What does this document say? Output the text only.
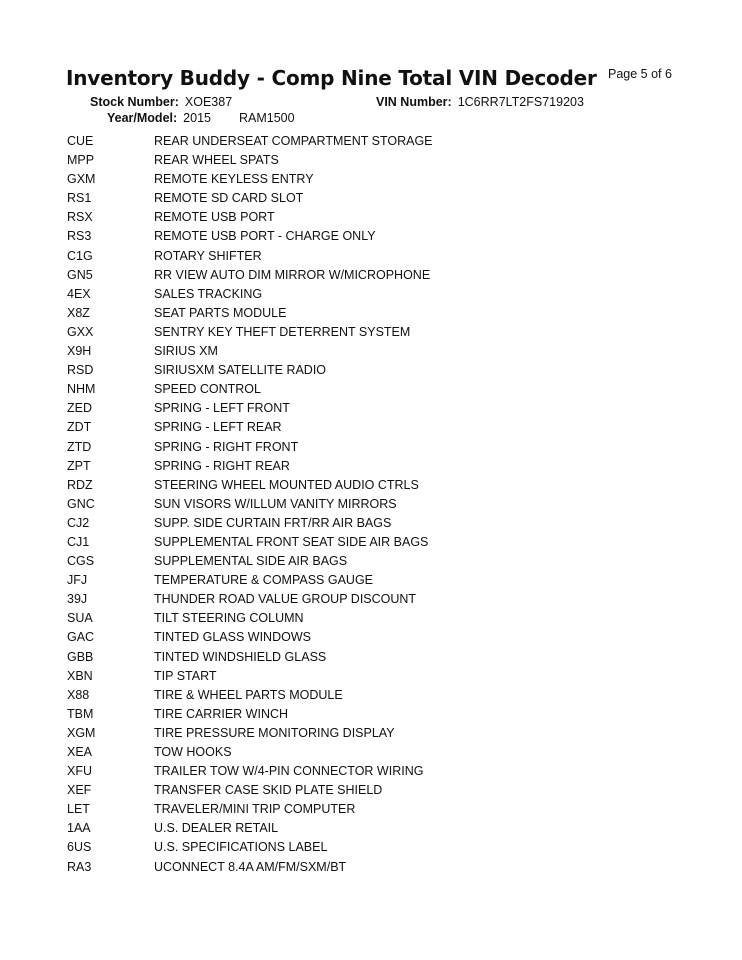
Inventory Buddy - Comp Nine Total VIN Decoder Page 5 of 6
Stock Number: XOE387	VIN Number: 1C6RR7LT2FS719203
Year/Model: 2015 RAM1500
CUE	REAR UNDERSEAT COMPARTMENT STORAGE
MPP	REAR WHEEL SPATS
GXM	REMOTE KEYLESS ENTRY
RS1	REMOTE SD CARD SLOT
RSX	REMOTE USB PORT
RS3	REMOTE USB PORT - CHARGE ONLY
C1G	ROTARY SHIFTER
GN5	RR VIEW AUTO DIM MIRROR W/MICROPHONE
4EX	SALES TRACKING
X8Z	SEAT PARTS MODULE
GXX	SENTRY KEY THEFT DETERRENT SYSTEM
X9H	SIRIUS XM
RSD	SIRIUSXM SATELLITE RADIO
NHM	SPEED CONTROL
ZED	SPRING - LEFT FRONT
ZDT	SPRING - LEFT REAR
ZTD	SPRING - RIGHT FRONT
ZPT	SPRING - RIGHT REAR
RDZ	STEERING WHEEL MOUNTED AUDIO CTRLS
GNC	SUN VISORS W/ILLUM VANITY MIRRORS
CJ2	SUPP. SIDE CURTAIN FRT/RR AIR BAGS
CJ1	SUPPLEMENTAL FRONT SEAT SIDE AIR BAGS
CGS	SUPPLEMENTAL SIDE AIR BAGS
JFJ	TEMPERATURE & COMPASS GAUGE
39J	THUNDER ROAD VALUE GROUP DISCOUNT
SUA	TILT STEERING COLUMN
GAC	TINTED GLASS WINDOWS
GBB	TINTED WINDSHIELD GLASS
XBN	TIP START
X88	TIRE & WHEEL PARTS MODULE
TBM	TIRE CARRIER WINCH
XGM	TIRE PRESSURE MONITORING DISPLAY
XEA	TOW HOOKS
XFU	TRAILER TOW W/4-PIN CONNECTOR WIRING
XEF	TRANSFER CASE SKID PLATE SHIELD
LET	TRAVELER/MINI TRIP COMPUTER
1AA	U.S. DEALER RETAIL
6US	U.S. SPECIFICATIONS LABEL
RA3	UCONNECT 8.4A AM/FM/SXM/BT
